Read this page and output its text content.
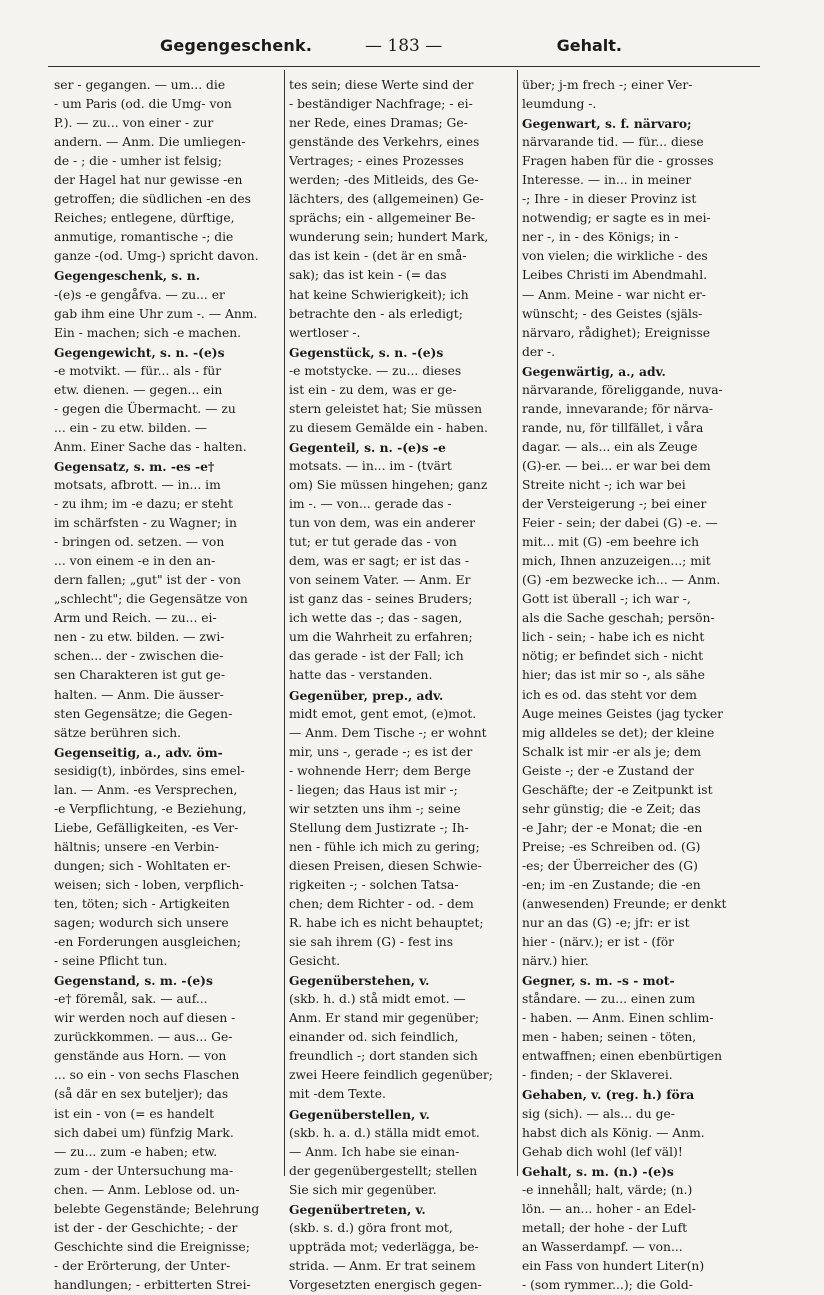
Gegengeschenk.	— 183 —	Gehalt.
ser - gegangen. — um... die
- um Paris (od. die Umg- von
P.). — zu... von einer - zur
andern. — Anm. Die umliegen-
de - ; die - umher ist felsig;
der Hagel hat nur gewisse -en
getroffen; die südlichen -en des
Reiches; entlegene, dürftige,
anmutige, romantische -; die
ganze -(od. Umg-) spricht davon.
Gegengeschenk, s. n.
-(e)s -e gengåfva. — zu... er
gab ihm eine Uhr zum -. — Anm.
Ein - machen; sich -e machen.
Gegengewicht, s. n. -(e)s
-e motvikt. — für... als - für
etw. dienen. — gegen... ein
- gegen die Übermacht. — zu
... ein - zu etw. bilden. —
Anm. Einer Sache das - halten.
Gegensatz, s. m. -es -e†
motsats, afbrott. — in... im
- zu ihm; im -e dazu; er steht
im schärfsten - zu Wagner; in
- bringen od. setzen. — von
... von einem -e in den an-
dern fallen; „gut" ist der - von
„schlecht"; die Gegensätze von
Arm und Reich. — zu... ei-
nen - zu etw. bilden. — zwi-
schen... der - zwischen die-
sen Charakteren ist gut ge-
halten. — Anm. Die äusser-
sten Gegensätze; die Gegen-
sätze berühren sich.
Gegenseitig, a., adv. öm-
sesidig(t), inbördes, sins emel-
lan. — Anm. -es Versprechen,
-e Verpflichtung, -e Beziehung,
Liebe, Gefälligkeiten, -es Ver-
hältnis; unsere -en Verbin-
dungen; sich - Wohltaten er-
weisen; sich - loben, verpflich-
ten, töten; sich - Artigkeiten
sagen; wodurch sich unsere
-en Forderungen ausgleichen;
- seine Pflicht tun.
Gegenstand, s. m. -(e)s
-e† föremål, sak. — auf...
wir werden noch auf diesen -
zurückkommen. — aus... Ge-
genstände aus Horn. — von
... so ein - von sechs Flaschen
(så där en sex buteljer); das
ist ein - von (= es handelt
sich dabei um) fünfzig Mark.
— zu... zum -e haben; etw.
zum - der Untersuchung ma-
chen. — Anm. Leblose od. un-
belebte Gegenstände; Belehrung
ist der - der Geschichte; - der
Geschichte sind die Ereignisse;
- der Erörterung, der Unter-
handlungen; - erbitterten Strei-
tes sein; diese Werte sind der
- beständiger Nachfrage; - ei-
ner Rede, eines Dramas; Ge-
genstände des Verkehrs, eines
Vertrages; - eines Prozesses
werden; -des Mitleids, des Ge-
lächters, des (allgemeinen) Ge-
sprächs; ein - allgemeiner Be-
wunderung sein; hundert Mark,
das ist kein - (det är en små-
sak); das ist kein - (= das
hat keine Schwierigkeit); ich
betrachte den - als erledigt;
wertloser -.
Gegenstück, s. n. -(e)s
-e motstycke. — zu... dieses
ist ein - zu dem, was er ge-
stern geleistet hat; Sie müssen
zu diesem Gemälde ein - haben.
Gegenteil, s. n. -(e)s -e
motsats. — in... im - (tvärt
om) Sie müssen hingehen; ganz
im -. — von... gerade das -
tun von dem, was ein anderer
tut; er tut gerade das - von
dem, was er sagt; er ist das -
von seinem Vater. — Anm. Er
ist ganz das - seines Bruders;
ich wette das -; das - sagen,
um die Wahrheit zu erfahren;
das gerade - ist der Fall; ich
hatte das - verstanden.
Gegenüber, prep., adv.
midt emot, gent emot, (e)mot.
— Anm. Dem Tische -; er wohnt
mir, uns -, gerade -; es ist der
- wohnende Herr; dem Berge
- liegen; das Haus ist mir -;
wir setzten uns ihm -; seine
Stellung dem Justizrate -; Ih-
nen - fühle ich mich zu gering;
diesen Preisen, diesen Schwie-
rigkeiten -; - solchen Tatsa-
chen; dem Richter - od. - dem
R. habe ich es nicht behauptet;
sie sah ihrem (G) - fest ins
Gesicht.
Gegenüberstehen, v.
(skb. h. d.) stå midt emot. —
Anm. Er stand mir gegenüber;
einander od. sich feindlich,
freundlich -; dort standen sich
zwei Heere feindlich gegenüber;
mit -dem Texte.
Gegenüberstellen, v.
(skb. h. a. d.) ställa midt emot.
— Anm. Ich habe sie einan-
der gegenübergestellt; stellen
Sie sich mir gegenüber.
Gegenübertreten, v.
(skb. s. d.) göra front mot,
uppträda mot; vederlägga, be-
strida. — Anm. Er trat seinem
Vorgesetzten energisch gegen-
über; j-m frech -; einer Ver-
leumdung -.
Gegenwart, s. f. närvaro;
närvarande tid. — für... diese
Fragen haben für die - grosses
Interesse. — in... in meiner
-; Ihre - in dieser Provinz ist
notwendig; er sagte es in mei-
ner -, in - des Königs; in -
von vielen; die wirkliche - des
Leibes Christi im Abendmahl.
— Anm. Meine - war nicht er-
wünscht; - des Geistes (själs-
närvaro, rådighet); Ereignisse
der -.
Gegenwärtig, a., adv.
närvarande, föreliggande, nuva-
rande, innevarande; för närva-
rande, nu, för tillfället, i våra
dagar. — als... ein als Zeuge
(G)-er. — bei... er war bei dem
Streite nicht -; ich war bei
der Versteigerung -; bei einer
Feier - sein; der dabei (G) -e. —
mit... mit (G) -em beehre ich
mich, Ihnen anzuzeigen...; mit
(G) -em bezwecke ich... — Anm.
Gott ist überall -; ich war -,
als die Sache geschah; persön-
lich - sein; - habe ich es nicht
nötig; er befindet sich - nicht
hier; das ist mir so -, als sähe
ich es od. das steht vor dem
Auge meines Geistes (jag tycker
mig alldeles se det); der kleine
Schalk ist mir -er als je; dem
Geiste -; der -e Zustand der
Geschäfte; der -e Zeitpunkt ist
sehr günstig; die -e Zeit; das
-e Jahr; der -e Monat; die -en
Preise; -es Schreiben od. (G)
-es; der Überreicher des (G)
-en; im -en Zustande; die -en
(anwesenden) Freunde; er denkt
nur an das (G) -e; jfr: er ist
hier - (närv.); er ist - (för
närv.) hier.
Gegner, s. m. -s - mot-
ståndare. — zu... einen zum
- haben. — Anm. Einen schlim-
men - haben; seinen - töten,
entwaffnen; einen ebenbürtigen
- finden; - der Sklaverei.
Gehaben, v. (reg. h.) föra
sig (sich). — als... du ge-
habst dich als König. — Anm.
Gehab dich wohl (lef väl)!
Gehalt, s. m. (n.) -(e)s
-e innehåll; halt, värde; (n.)
lön. — an... hoher - an Edel-
metall; der hohe - der Luft
an Wasserdampf. — von...
ein Fass von hundert Liter(n)
- (som rymmer...); die Gold-
